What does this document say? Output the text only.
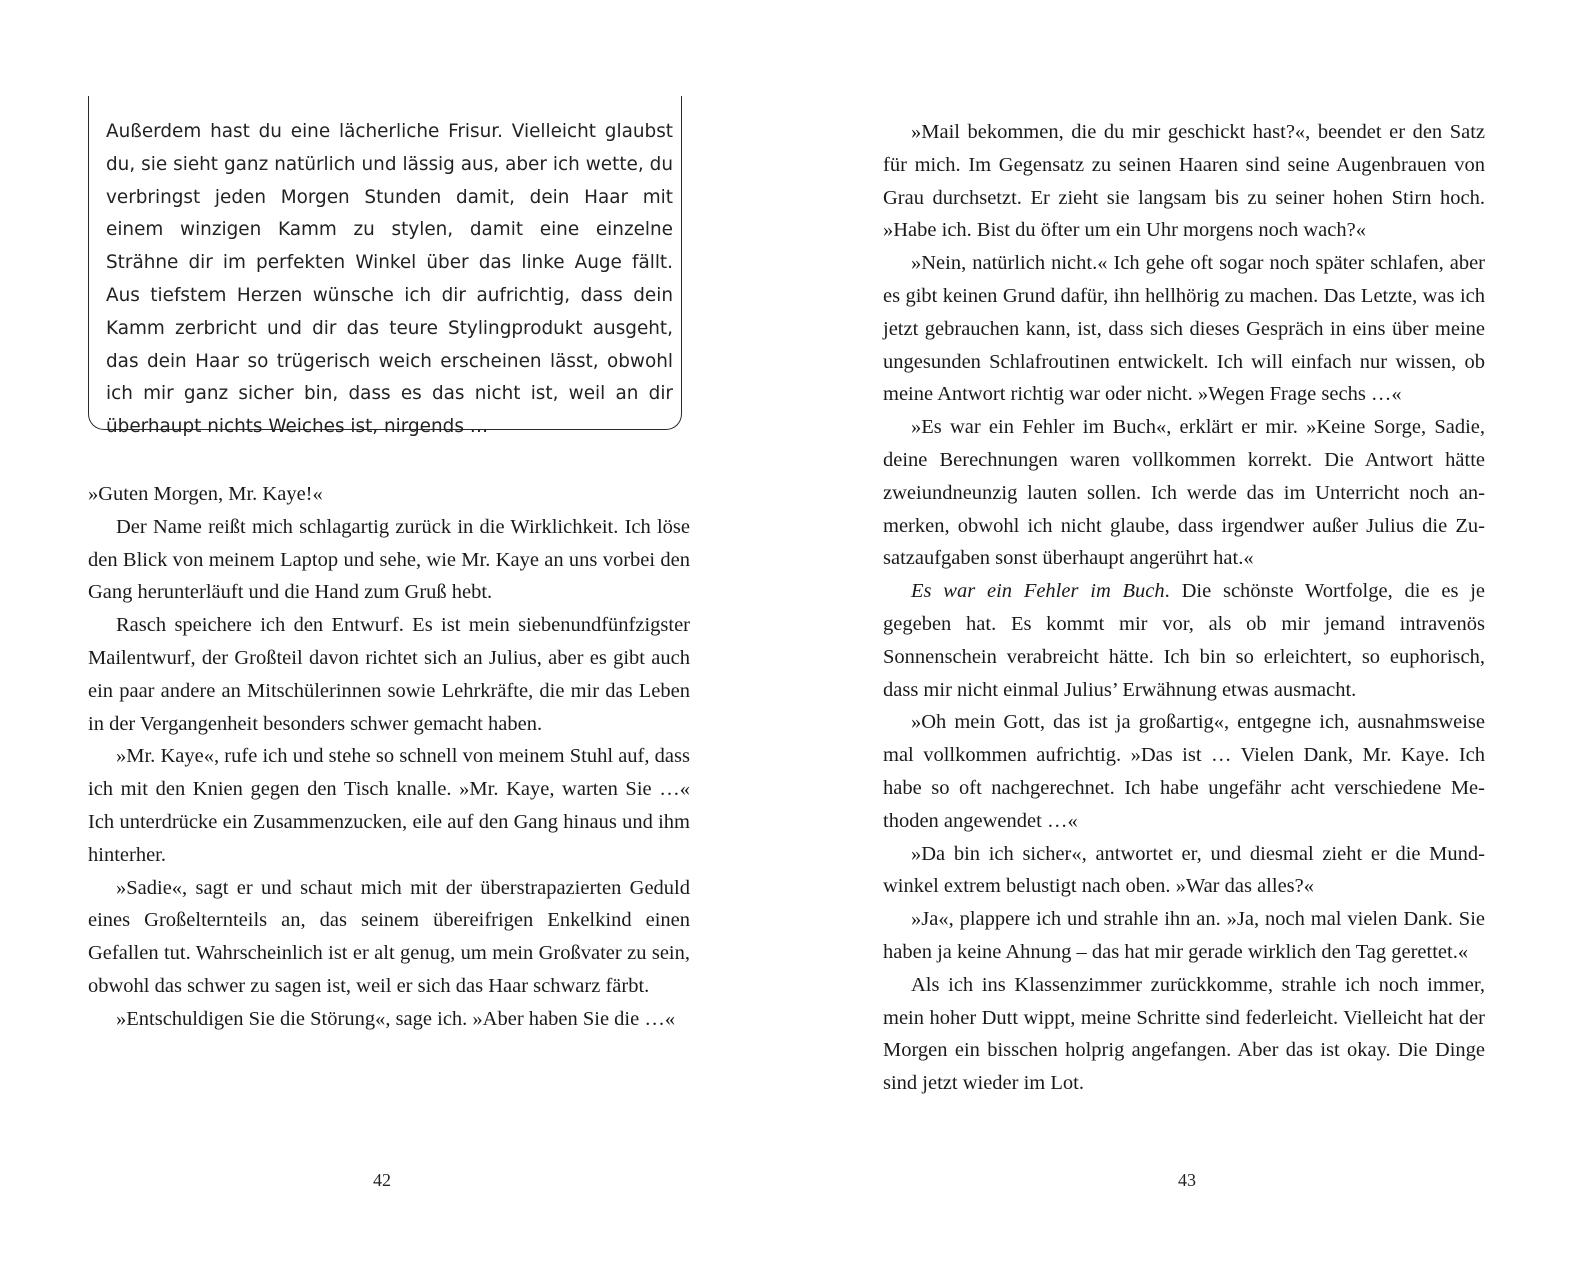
Außerdem hast du eine lächerliche Frisur. Vielleicht glaubst du, sie sieht ganz natürlich und lässig aus, aber ich wette, du verbringst jeden Morgen Stunden damit, dein Haar mit einem winzigen Kamm zu stylen, damit eine einzelne Strähne dir im perfekten Winkel über das linke Auge fällt. Aus tiefstem Herzen wünsche ich dir aufrichtig, dass dein Kamm zerbricht und dir das teure Stylingprodukt ausgeht, das dein Haar so trügerisch weich erscheinen lässt, obwohl ich mir ganz sicher bin, dass es das nicht ist, weil an dir überhaupt nichts Weiches ist, nirgends …

»Guten Morgen, Mr. Kaye!«

Der Name reißt mich schlagartig zurück in die Wirklichkeit. Ich löse den Blick von meinem Laptop und sehe, wie Mr. Kaye an uns vorbei den Gang herunterläuft und die Hand zum Gruß hebt.

Rasch speichere ich den Entwurf. Es ist mein siebenundfünfzigster Mailentwurf, der Großteil davon richtet sich an Julius, aber es gibt auch ein paar andere an Mitschülerinnen sowie Lehrkräfte, die mir das Leben in der Vergangenheit besonders schwer gemacht haben.

»Mr. Kaye«, rufe ich und stehe so schnell von meinem Stuhl auf, dass ich mit den Knien gegen den Tisch knalle. »Mr. Kaye, warten Sie …« Ich unterdrücke ein Zusammenzucken, eile auf den Gang hinaus und ihm hinterher.

»Sadie«, sagt er und schaut mich mit der überstrapazierten Geduld eines Großelternteils an, das seinem übereifrigen Enkelkind einen Gefallen tut. Wahrscheinlich ist er alt genug, um mein Großvater zu sein, obwohl das schwer zu sagen ist, weil er sich das Haar schwarz färbt.

»Entschuldigen Sie die Störung«, sage ich. »Aber haben Sie die …«

42

»Mail bekommen, die du mir geschickt hast?«, beendet er den Satz für mich. Im Gegensatz zu seinen Haaren sind seine Augenbrauen von Grau durchsetzt. Er zieht sie langsam bis zu seiner hohen Stirn hoch. »Habe ich. Bist du öfter um ein Uhr morgens noch wach?«

»Nein, natürlich nicht.« Ich gehe oft sogar noch später schlafen, aber es gibt keinen Grund dafür, ihn hellhörig zu machen. Das Letzte, was ich jetzt gebrauchen kann, ist, dass sich dieses Gespräch in eins über meine ungesunden Schlafroutinen entwickelt. Ich will einfach nur wissen, ob meine Antwort richtig war oder nicht. »Wegen Frage sechs …«

»Es war ein Fehler im Buch«, erklärt er mir. »Keine Sorge, Sadie, deine Berechnungen waren vollkommen korrekt. Die Antwort hätte zweiundneunzig lauten sollen. Ich werde das im Unterricht noch anmerken, obwohl ich nicht glaube, dass irgendwer außer Julius die Zusatzaufgaben sonst überhaupt angerührt hat.«

Es war ein Fehler im Buch. Die schönste Wortfolge, die es je gegeben hat. Es kommt mir vor, als ob mir jemand intravenös Sonnenschein verabreicht hätte. Ich bin so erleichtert, so euphorisch, dass mir nicht einmal Julius’ Erwähnung etwas ausmacht.

»Oh mein Gott, das ist ja großartig«, entgegne ich, ausnahmsweise mal vollkommen aufrichtig. »Das ist … Vielen Dank, Mr. Kaye. Ich habe so oft nachgerechnet. Ich habe ungefähr acht verschiedene Methoden angewendet …«

»Da bin ich sicher«, antwortet er, und diesmal zieht er die Mundwinkel extrem belustigt nach oben. »War das alles?«

»Ja«, plappere ich und strahle ihn an. »Ja, noch mal vielen Dank. Sie haben ja keine Ahnung – das hat mir gerade wirklich den Tag gerettet.«

Als ich ins Klassenzimmer zurückkomme, strahle ich noch immer, mein hoher Dutt wippt, meine Schritte sind federleicht. Vielleicht hat der Morgen ein bisschen holprig angefangen. Aber das ist okay. Die Dinge sind jetzt wieder im Lot.

43
